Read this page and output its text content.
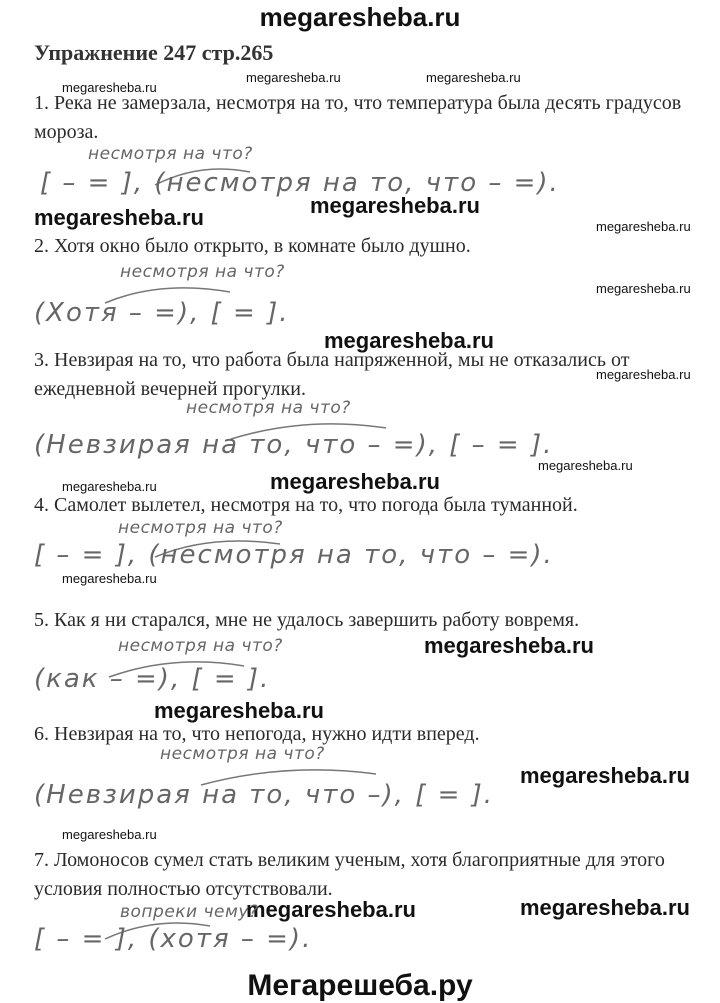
megaresheba.ru
Упражнение 247 стр.265
megaresheba.ru
megaresheba.ru	megaresheba.ru
megaresheba.ru
megaresheba.ru
megaresheba.ru
megaresheba.ru
megaresheba.ru
megaresheba.ru
megaresheba.ru
megaresheba.ru	megaresheba.ru
megaresheba.ru
megaresheba.ru
megaresheba.ru
megaresheba.ru
megaresheba.ru
megaresheba.ru	megaresheba.ru
1. Река не замерзала, несмотря на то, что температура была десять градусов мороза.
несмотря на что?
[ – = ], (несмотря на то, что – =).
2. Хотя окно было открыто, в комнате было душно.
несмотря на что?
(Хотя – =), [ = ].
3. Невзирая на то, что работа была напряженной, мы не отказались от ежедневной вечерней прогулки.
несмотря на что?
(Невзирая на то, что – =), [ – = ].
4. Самолет вылетел, несмотря на то, что погода была туманной.
несмотря на что?
[ – = ], (несмотря на то, что – =).
5. Как я ни старался, мне не удалось завершить работу вовремя.
несмотря на что?
(как – =), [ = ].
6. Невзирая на то, что непогода, нужно идти вперед.
несмотря на что?
(Невзирая на то, что –), [ = ].
7. Ломоносов сумел стать великим ученым, хотя благоприятные для этого условия полностью отсутствовали.
вопреки чему?
[ – = ], (хотя – =).
Мегарешеба.ру
